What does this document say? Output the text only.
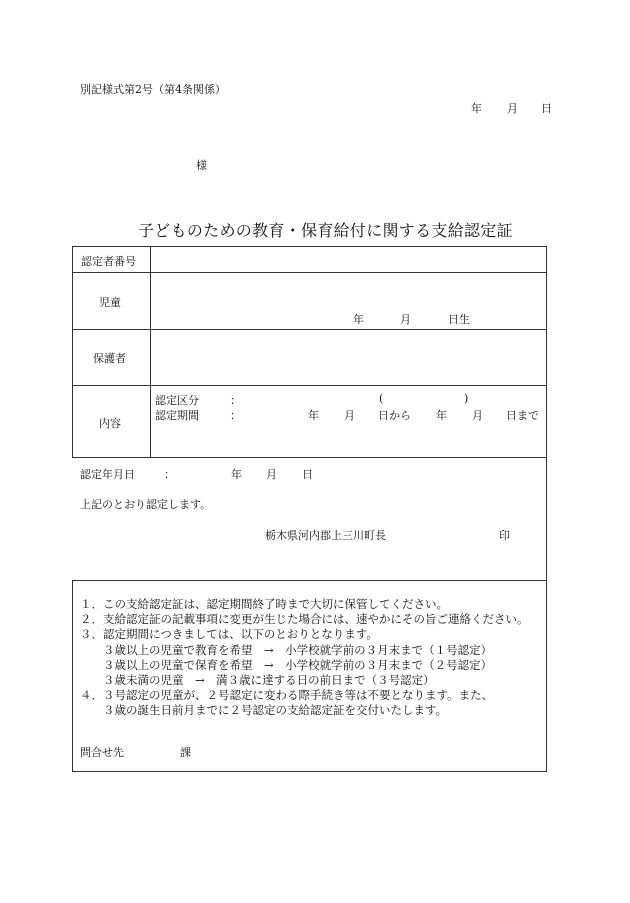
別記様式第2号（第4条関係）
年 月 日
様
子どものための教育・保育給付に関する支給認定証
認定者番号
児童
年	月	日生
保護者
内容
認定区分	：	(	)
認定期間	：	年 月 日から 年 月 日まで
認定年月日	：	年 月 日
上記のとおり認定します。
栃木県河内郡上三川町長	印
１．この支給認定証は、認定期間終了時まで大切に保管してください。
２．支給認定証の記載事項に変更が生じた場合には、速やかにその旨ご連絡ください。
３．認定期間につきましては、以下のとおりとなります。
　　３歳以上の児童で教育を希望　→　小学校就学前の３月末まで（１号認定）
　　３歳以上の児童で保育を希望　→　小学校就学前の３月末まで（２号認定）
　　３歳未満の児童　→　満３歳に達する日の前日まで（３号認定）
４．３号認定の児童が、２号認定に変わる際手続き等は不要となります。また、
　　３歳の誕生日前月までに２号認定の支給認定証を交付いたします。
問合せ先	課
